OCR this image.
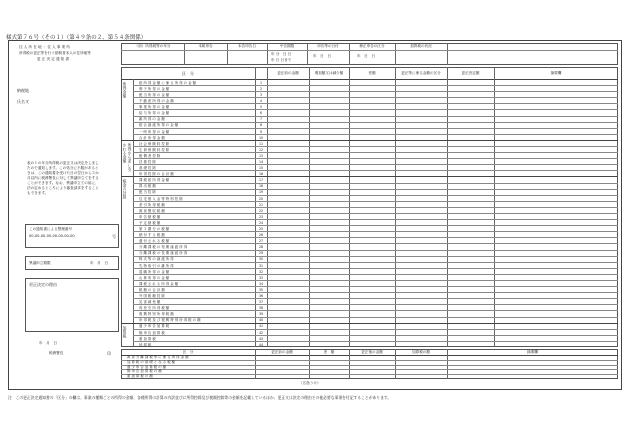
様式第７６号（その１）（第４９条の２、第５４条関係）
住 人 所 在 地 ・ 住 人 事 業 所
所得税の更正等を行う納税者本人の住所地等
更 正 決 定 通 知 書
納税地
氏名又
表の１の年分所得税の更正又は決定をしましたので通知します。この処分に不服があるときは、この通知書を受けた日の翌日から３か月以内に税務署長に対して異議申立てをすることができます。なお、異議申立ての前に、法の定めるところにより審査請求をすることもできます。
この通知書による整理番号
00-00-00-00-00-00-00-00	号
異議申立期限	年　月　日
更正決定の理由
年　月　日
税務署長	印
（広島うけ）
（前）所得税等の年分	本税申告	本告申告日	中告期限	申告等の日付	修正申告の区分	加算税の状況
年 分　日 日
年 日 日まで
年　日　日	年　日　日
区　分	更正前の金額	増加額又は減少額	差額	更正等に係る金額の区分	更正決定額	摘要欄
総 所 得 金 額 に 係 る 所 得 の 金 額	1
利 子 所 得 の 金 額	2
配 当 所 得 の 金 額	3
不 動 産 所 得 の 金 額	4
事 業 所 得 の 金 額	5
給 与 所 得 の 金 額	6
雑 所 得 の 金 額	7
総 合 譲 渡 所 得 の 金 額	8
一 時 所 得 の 金 額	9
合 計 所 得 金 額	10
社 会 保 険 料 控 除	11
生 命 保 険 料 控 除	12
配 偶 者 控 除	13
扶 養 控 除	14
基 礎 控 除	15
所 得 控 除 の 合 計 額	16
課 税 総 所 得 金 額	17
算 出 税 額	18
配 当 控 除	19
住 宅 借 入 金 等 特 別 控 除	20
差 引 所 得 税 額	21
源 泉 徴 収 税 額	22
申 告 納 税 額	23
予 定 納 税 額	24
第 ３ 期 分 の 税 額	25
納 付 す る 税 額	26
還 付 さ れ る 税 額	27
分 離 課 税 の 短 期 譲 渡 所 得	28
分 離 課 税 の 長 期 譲 渡 所 得	29
株 式 等 の 譲 渡 所 得	30
先 物 取 引 の 雑 所 得	31
退 職 所 得 の 金 額	32
山 林 所 得 の 金 額	33
課 税 さ れ る 所 得 金 額	34
税 額 の 合 計 額	35
外 国 税 額 控 除	36
災 害 減 免 額	37
再 差 引 所 得 税 額	38
復 興 特 別 所 得 税 額	39
所 得 税 及 び 復 興 特 別 所 得 税 の 額	40
過 少 申 告 加 算 税	41
無 申 告 加 算 税	42
重 加 算 税	43
延 滞 税	44
所得金額
所得から差し引かれる金額
税金の計算
加算税
区　分	更正前の金額	差　額	更正後の金額	加算税の額	摘要欄
源 泉 分 離 課 税 等 に 係 る 所 得 金 額
加 算 税 の 基 礎 と な る 税 額
過 少 申 告 加 算 税 の 額
無 申 告 加 算 税 の 額
重 加 算 税 の 額
注　この更正決定通知書の「区分」の欄は、事業の種類ごとの所得の金額、各種所得の計算の内訳並びに所得控除及び税額控除等の金額を記載しているほか、更正又は決定の理由その他必要な事項を付記することがあります。
